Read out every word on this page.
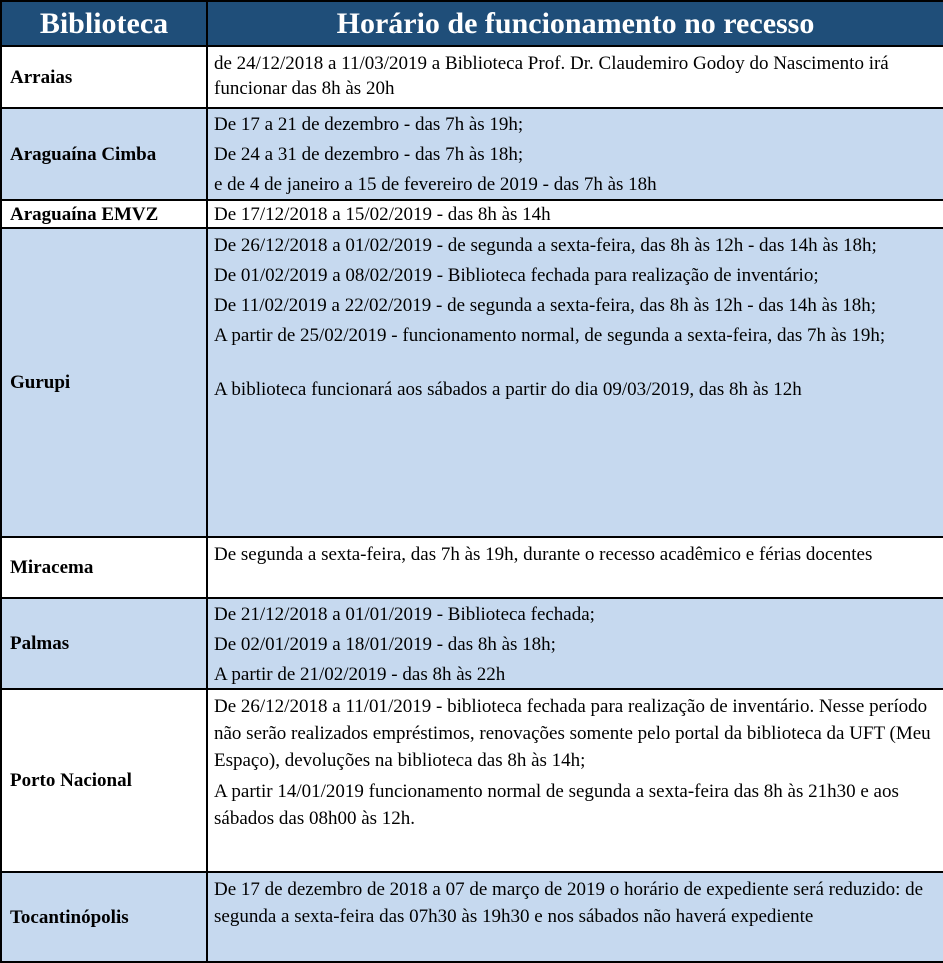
Biblioteca	Horário de funcionamento no recesso
Arraias	de 24/12/2018 a 11/03/2019 a Biblioteca Prof. Dr. Claudemiro Godoy do Nascimento irá funcionar das 8h às 20h

Araguaína Cimba	De 17 a 21 de dezembro - das 7h às 19h;
De 24 a 31 de dezembro - das 7h às 18h;
e de 4 de janeiro a 15 de fevereiro de 2019 - das 7h às 18h

Araguaína EMVZ	De 17/12/2018 a 15/02/2019 - das 8h às 14h

Gurupi	De 26/12/2018 a 01/02/2019 - de segunda a sexta-feira, das 8h às 12h - das 14h às 18h;
De 01/02/2019 a 08/02/2019 - Biblioteca fechada para realização de inventário;
De 11/02/2019 a 22/02/2019 - de segunda a sexta-feira, das 8h às 12h - das 14h às 18h;
A partir de 25/02/2019 - funcionamento normal, de segunda a sexta-feira, das 7h às 19h;
A biblioteca funcionará aos sábados a partir do dia 09/03/2019, das 8h às 12h

Miracema	De segunda a sexta-feira, das 7h às 19h, durante o recesso acadêmico e férias docentes

Palmas	De 21/12/2018 a 01/01/2019 - Biblioteca fechada;
De 02/01/2019 a 18/01/2019 - das 8h às 18h;
A partir de 21/02/2019 - das 8h às 22h

Porto Nacional	De 26/12/2018 a 11/01/2019 - biblioteca fechada para realização de inventário. Nesse período não serão realizados empréstimos, renovações somente pelo portal da biblioteca da UFT (Meu Espaço), devoluções na biblioteca das 8h às 14h;
A partir 14/01/2019 funcionamento normal de segunda a sexta-feira das 8h às 21h30 e aos sábados das 08h00 às 12h.

Tocantinópolis	De 17 de dezembro de 2018 a 07 de março de 2019 o horário de expediente será reduzido: de segunda a sexta-feira das 07h30 às 19h30 e nos sábados não haverá expediente
